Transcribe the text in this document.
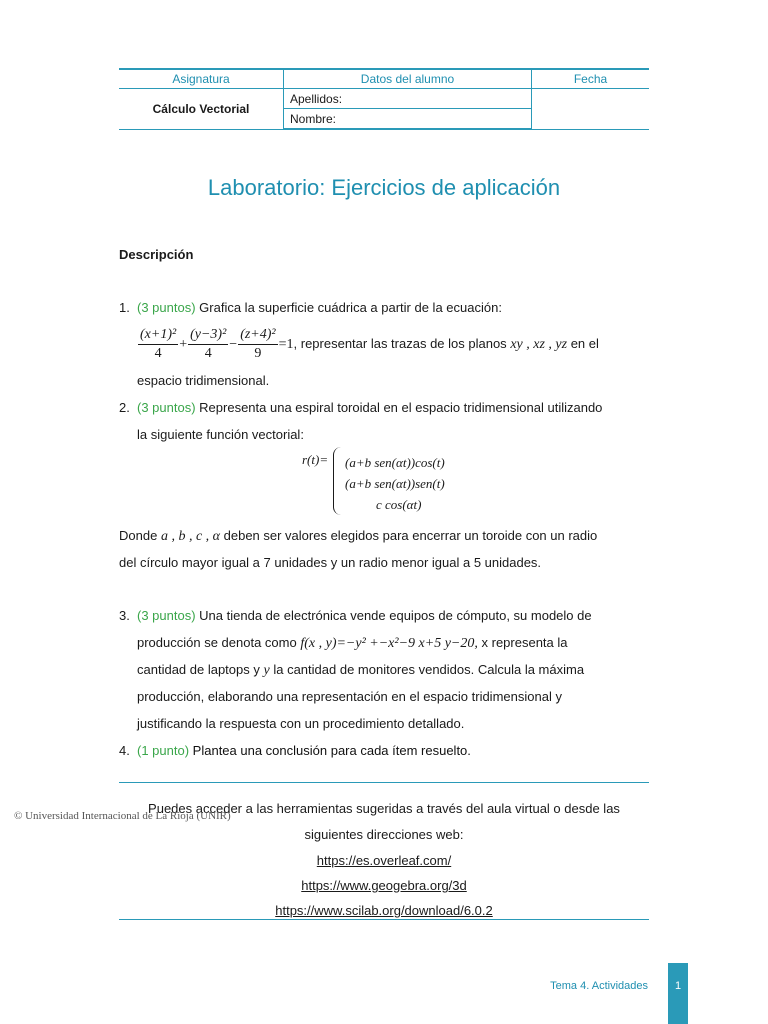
Asignatura	Datos del alumno	Fecha
Cálculo Vectorial	Apellidos:	
	Nombre:	
Laboratorio: Ejercicios de aplicación
Descripción
1. (3 puntos) Grafica la superficie cuádrica a partir de la ecuación:
$\frac{\text{(x+1)²}}{4} + \frac{\text{(y−3)²}}{4} - \frac{\text{(z+4)²}}{9} =1$, representar las trazas de los planos xy , xz , yz en el
espacio tridimensional.
2. (3 puntos) Representa una espiral toroidal en el espacio tridimensional utilizando
la siguiente función vectorial:
r(t)= (a+b sen(αt))cos(t)
(a+b sen(αt))sen(t)
c cos(αt)
Donde a , b , c , α deben ser valores elegidos para encerrar un toroide con un radio
del círculo mayor igual a 7 unidades y un radio menor igual a 5 unidades.
3. (3 puntos) Una tienda de electrónica vende equipos de cómputo, su modelo de
producción se denota como f(x , y)=−y² +−x²−9 x+5 y−20, x representa la
cantidad de laptops y y la cantidad de monitores vendidos. Calcula la máxima
producción, elaborando una representación en el espacio tridimensional y
justificando la respuesta con un procedimiento detallado.
4. (1 punto) Plantea una conclusión para cada ítem resuelto.
Puedes acceder a las herramientas sugeridas a través del aula virtual o desde las
siguientes direcciones web:
https://es.overleaf.com/
https://www.geogebra.org/3d
https://www.scilab.org/download/6.0.2
© Universidad Internacional de La Rioja (UNIR)
Tema 4. Actividades	1
